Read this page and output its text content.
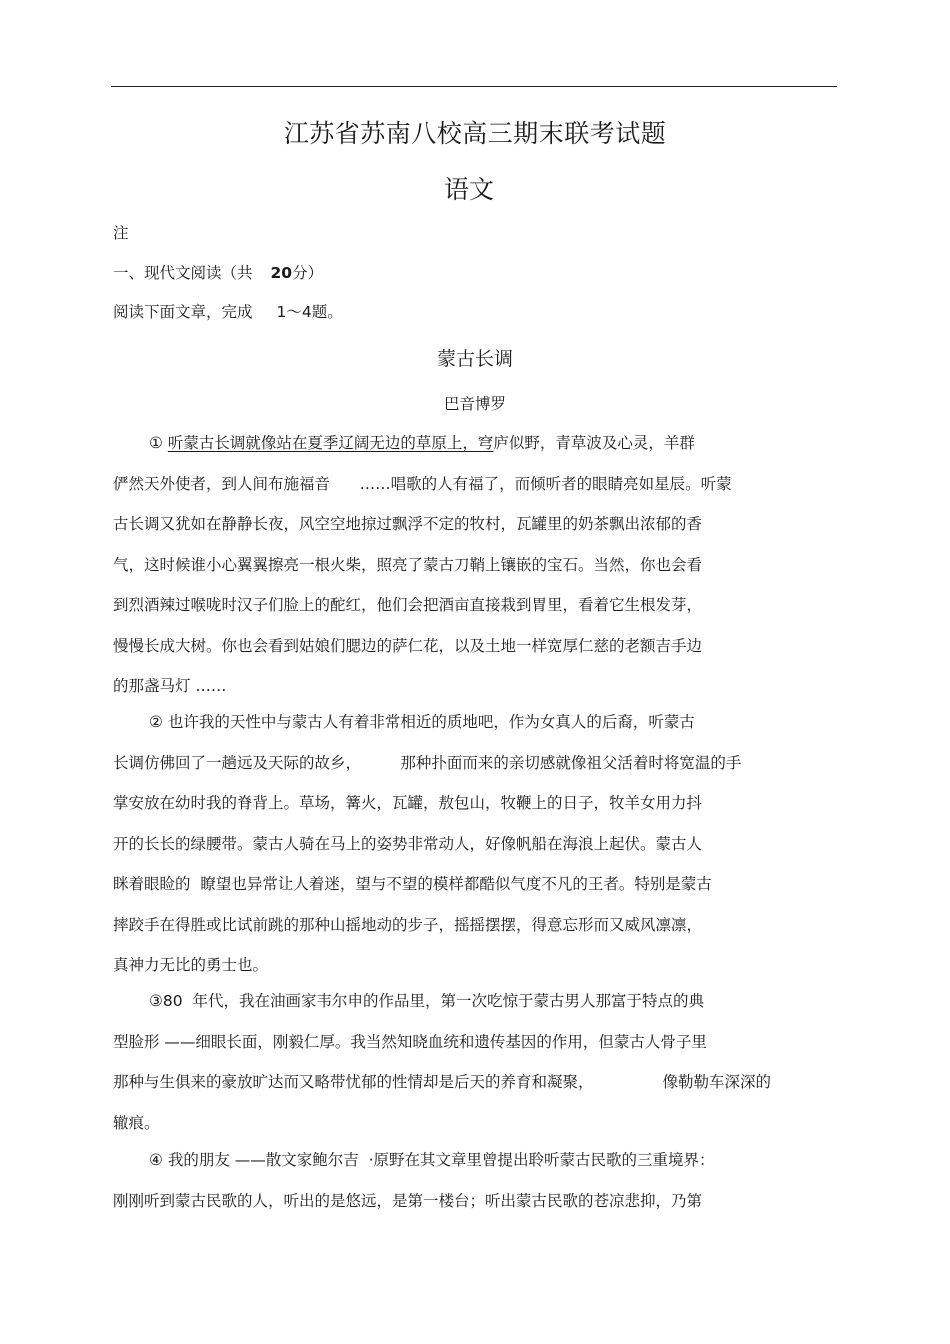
江苏省苏南八校高三期末联考试题
语文
注
一、现代文阅读（共 20分）
阅读下面文章，完成 1～4题。
蒙古长调
巴音博罗
① 听蒙古长调就像站在夏季辽阔无边的草原上，穹庐似野，青草波及心灵，羊群
俨然天外使者，到人间布施福音      ……唱歌的人有福了，而倾听者的眼睛亮如星辰。听蒙
古长调又犹如在静静长夜，风空空地掠过飘浮不定的牧村，瓦罐里的奶茶飘出浓郁的香
气，这时候谁小心翼翼擦亮一根火柴，照亮了蒙古刀鞘上镶嵌的宝石。当然，你也会看
到烈酒辣过喉咙时汉子们脸上的酡红，他们会把酒亩直接栽到胃里，看着它生根发芽，
慢慢长成大树。你也会看到姑娘们腮边的萨仁花，以及土地一样宽厚仁慈的老额吉手边
的那盏马灯 ……
② 也许我的天性中与蒙古人有着非常相近的质地吧，作为女真人的后裔，听蒙古
长调仿佛回了一趟远及天际的故乡，        那种扑面而来的亲切感就像祖父活着时将宽温的手
掌安放在幼时我的脊背上。草场，篝火，瓦罐，敖包山，牧鞭上的日子，牧羊女用力抖
开的长长的绿腰带。蒙古人骑在马上的姿势非常动人，好像帆船在海浪上起伏。蒙古人
眯着眼睑的  瞭望也异常让人着迷，望与不望的模样都酷似气度不凡的王者。特别是蒙古
摔跤手在得胜或比试前跳的那种山摇地动的步子，摇摇摆摆，得意忘形而又威风凛凛，
真神力无比的勇士也。
③80  年代，我在油画家韦尔申的作品里，第一次吃惊于蒙古男人那富于特点的典
型脸形 ——细眼长面，刚毅仁厚。我当然知晓血统和遗传基因的作用，但蒙古人骨子里
那种与生俱来的豪放旷达而又略带忧郁的性情却是后天的养育和凝聚，              像勒勒车深深的
辙痕。
④ 我的朋友 ——散文家鲍尔吉  ·原野在其文章里曾提出聆听蒙古民歌的三重境界：
刚刚听到蒙古民歌的人，听出的是悠远，是第一楼台；听出蒙古民歌的苍凉悲抑，乃第
